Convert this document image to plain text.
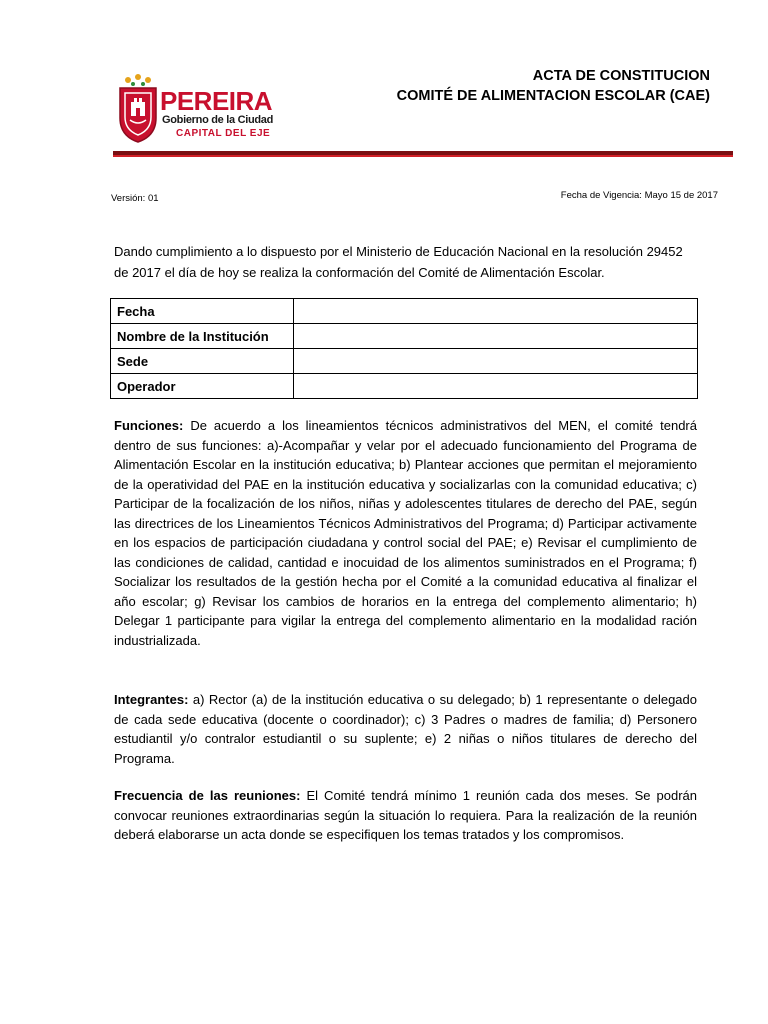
PEREIRA
Gobierno de la Ciudad
CAPITAL DEL EJE
ACTA DE CONSTITUCION
COMITÉ DE ALIMENTACION ESCOLAR (CAE)
Versión: 01	Fecha de Vigencia: Mayo 15 de 2017
Dando cumplimiento a lo dispuesto por el Ministerio de Educación Nacional en la resolución 29452 de 2017 el día de hoy se realiza la conformación del Comité de Alimentación Escolar.
Fecha	
Nombre de la Institución	
Sede	
Operador	
Funciones: De acuerdo a los lineamientos técnicos administrativos del MEN, el comité tendrá dentro de sus funciones: a)-Acompañar y velar por el adecuado funcionamiento del Programa de Alimentación Escolar en la institución educativa; b) Plantear acciones que permitan el mejoramiento de la operatividad del PAE en la institución educativa y socializarlas con la comunidad educativa; c) Participar de la focalización de los niños, niñas y adolescentes titulares de derecho del PAE, según las directrices de los Lineamientos Técnicos Administrativos del Programa; d) Participar activamente en los espacios de participación ciudadana y control social del PAE; e) Revisar el cumplimiento de las condiciones de calidad, cantidad e inocuidad de los alimentos suministrados en el Programa; f) Socializar los resultados de la gestión hecha por el Comité a la comunidad educativa al finalizar el año escolar; g) Revisar los cambios de horarios en la entrega del complemento alimentario; h) Delegar 1 participante para vigilar la entrega del complemento alimentario en la modalidad ración industrializada.
Integrantes: a) Rector (a) de la institución educativa o su delegado; b) 1 representante o delegado de cada sede educativa (docente o coordinador); c) 3 Padres o madres de familia; d) Personero estudiantil y/o contralor estudiantil o su suplente; e) 2 niñas o niños titulares de derecho del Programa.
Frecuencia de las reuniones: El Comité tendrá mínimo 1 reunión cada dos meses. Se podrán convocar reuniones extraordinarias según la situación lo requiera. Para la realización de la reunión deberá elaborarse un acta donde se especifiquen los temas tratados y los compromisos.
